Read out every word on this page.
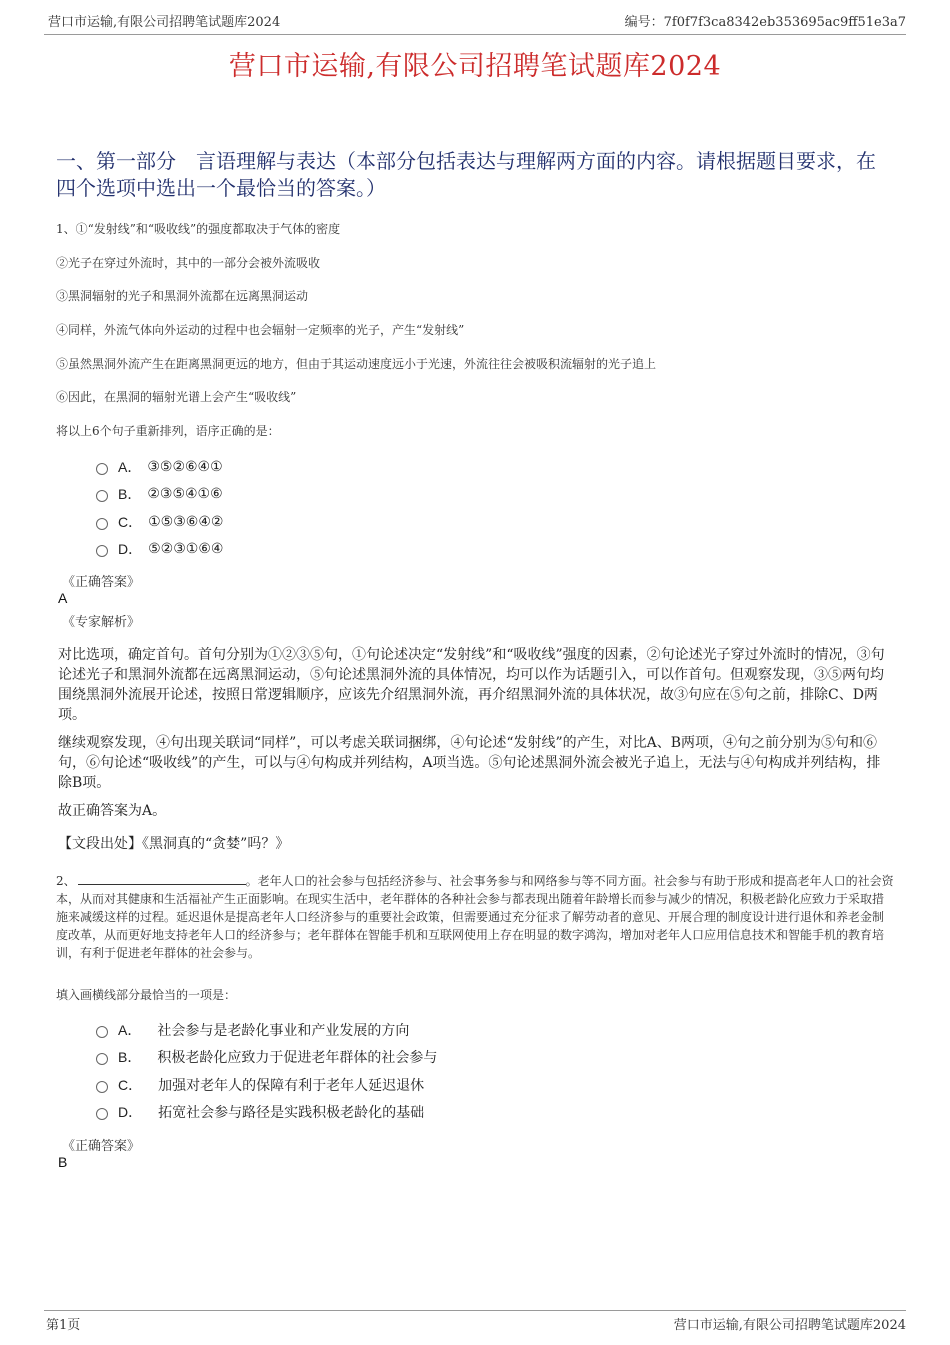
营口市运输,有限公司招聘笔试题库2024	编号：7f0f7f3ca8342eb353695ac9ff51e3a7
营口市运输,有限公司招聘笔试题库2024
一、第一部分　言语理解与表达（本部分包括表达与理解两方面的内容。请根据题目要求，在四个选项中选出一个最恰当的答案。）
1、①“发射线”和“吸收线”的强度都取决于气体的密度
②光子在穿过外流时，其中的一部分会被外流吸收
③黑洞辐射的光子和黑洞外流都在远离黑洞运动
④同样，外流气体向外运动的过程中也会辐射一定频率的光子，产生“发射线”
⑤虽然黑洞外流产生在距离黑洞更远的地方，但由于其运动速度远小于光速，外流往往会被吸积流辐射的光子追上
⑥因此，在黑洞的辐射光谱上会产生“吸收线”
将以上6个句子重新排列，语序正确的是：
A． ③⑤②⑥④①
B． ②③⑤④①⑥
C． ①⑤③⑥④②
D． ⑤②③①⑥④
《正确答案》
A
《专家解析》
对比选项，确定首句。首句分别为①②③⑤句，①句论述决定“发射线”和“吸收线”强度的因素，②句论述光子穿过外流时的情况，③句论述光子和黑洞外流都在远离黑洞运动，⑤句论述黑洞外流的具体情况，均可以作为话题引入，可以作首句。但观察发现，③⑤两句均围绕黑洞外流展开论述，按照日常逻辑顺序，应该先介绍黑洞外流，再介绍黑洞外流的具体状况，故③句应在⑤句之前，排除C、D两项。
继续观察发现，④句出现关联词“同样”，可以考虑关联词捆绑，④句论述“发射线”的产生，对比A、B两项，④句之前分别为⑤句和⑥句，⑥句论述“吸收线”的产生，可以与④句构成并列结构，A项当选。⑤句论述黑洞外流会被光子追上，无法与④句构成并列结构，排除B项。
故正确答案为A。
【文段出处】《黑洞真的“贪婪”吗？》
2、	。老年人口的社会参与包括经济参与、社会事务参与和网络参与等不同方面。社会参与有助于形成和提高老年人口的社会资本，从而对其健康和生活福祉产生正面影响。在现实生活中，老年群体的各种社会参与都表现出随着年龄增长而参与减少的情况，积极老龄化应致力于采取措施来减缓这样的过程。延迟退休是提高老年人口经济参与的重要社会政策，但需要通过充分征求了解劳动者的意见、开展合理的制度设计进行退休和养老金制度改革，从而更好地支持老年人口的经济参与；老年群体在智能手机和互联网使用上存在明显的数字鸿沟，增加对老年人口应用信息技术和智能手机的教育培训，有利于促进老年群体的社会参与。
填入画横线部分最恰当的一项是：
A． 社会参与是老龄化事业和产业发展的方向
B． 积极老龄化应致力于促进老年群体的社会参与
C． 加强对老年人的保障有利于老年人延迟退休
D． 拓宽社会参与路径是实践积极老龄化的基础
《正确答案》
B
第1页	营口市运输,有限公司招聘笔试题库2024
